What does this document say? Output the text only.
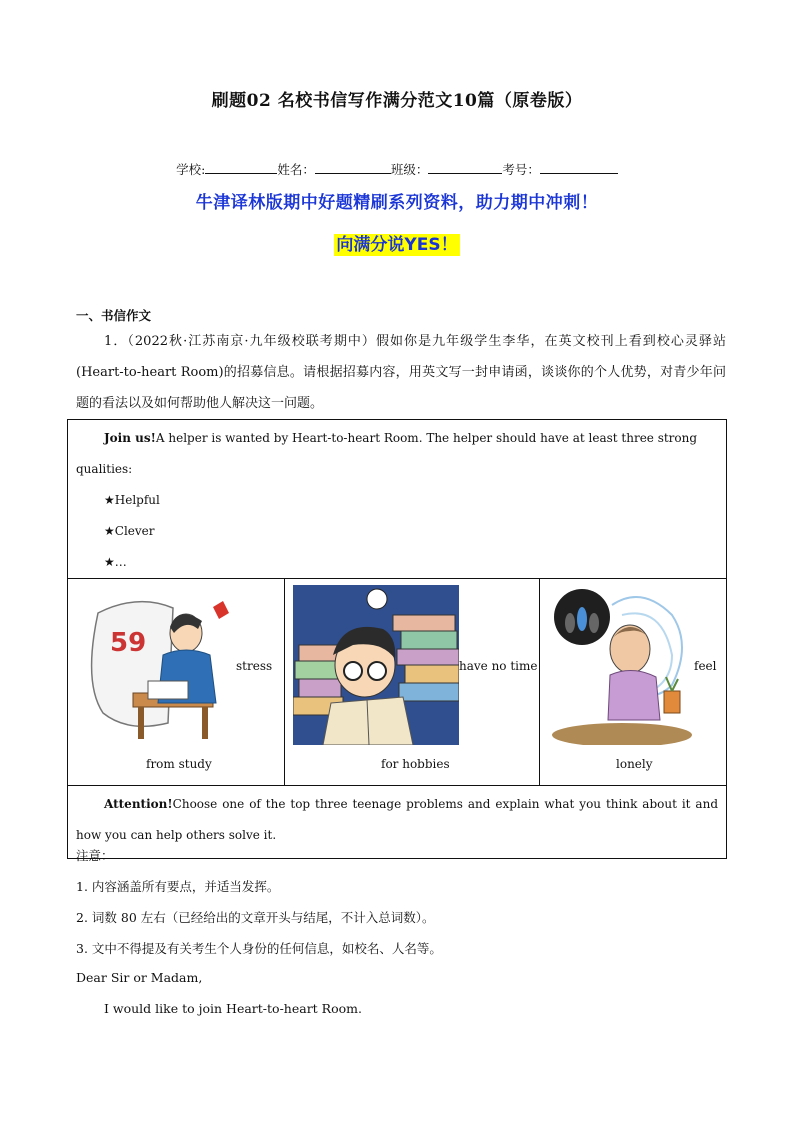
刷题02 名校书信写作满分范文10篇（原卷版）
学校:	姓名：	班级：	考号：
牛津译林版期中好题精刷系列资料，助力期中冲刺！
向满分说YES！
一、书信作文
1．（2022秋·江苏南京·九年级校联考期中）假如你是九年级学生李华，在英文校刊上看到校心灵驿站(Heart-to-heart Room)的招募信息。请根据招募内容，用英文写一封申请函，谈谈你的个人优势，对青少年问题的看法以及如何帮助他人解决这一问题。
Join us!A helper is wanted by Heart-to-heart Room. The helper should have at least three strong qualities:
★Helpful
★Clever
★…

59
stress
from study

have no time
for hobbies

feel
lonely

Attention!Choose one of the top three teenage problems and explain what you think about it and how you can help others solve it.
注意：
1. 内容涵盖所有要点，并适当发挥。
2. 词数 80 左右（已经给出的文章开头与结尾，不计入总词数）。
3. 文中不得提及有关考生个人身份的任何信息，如校名、人名等。
Dear Sir or Madam,
I would like to join Heart-to-heart Room.
